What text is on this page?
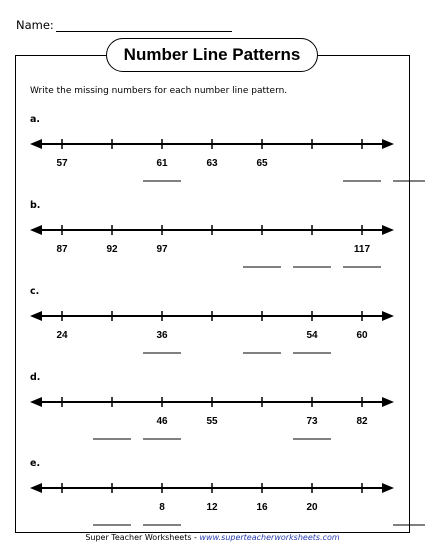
Name:
Number Line Patterns
Write the missing numbers for each number line pattern.
a.
57	61	63	65
b.
87	92	97	117
c.
24	36	54	60
d.
46	55	73	82
e.
8	12	16	20
Super Teacher Worksheets - www.superteacherworksheets.com
